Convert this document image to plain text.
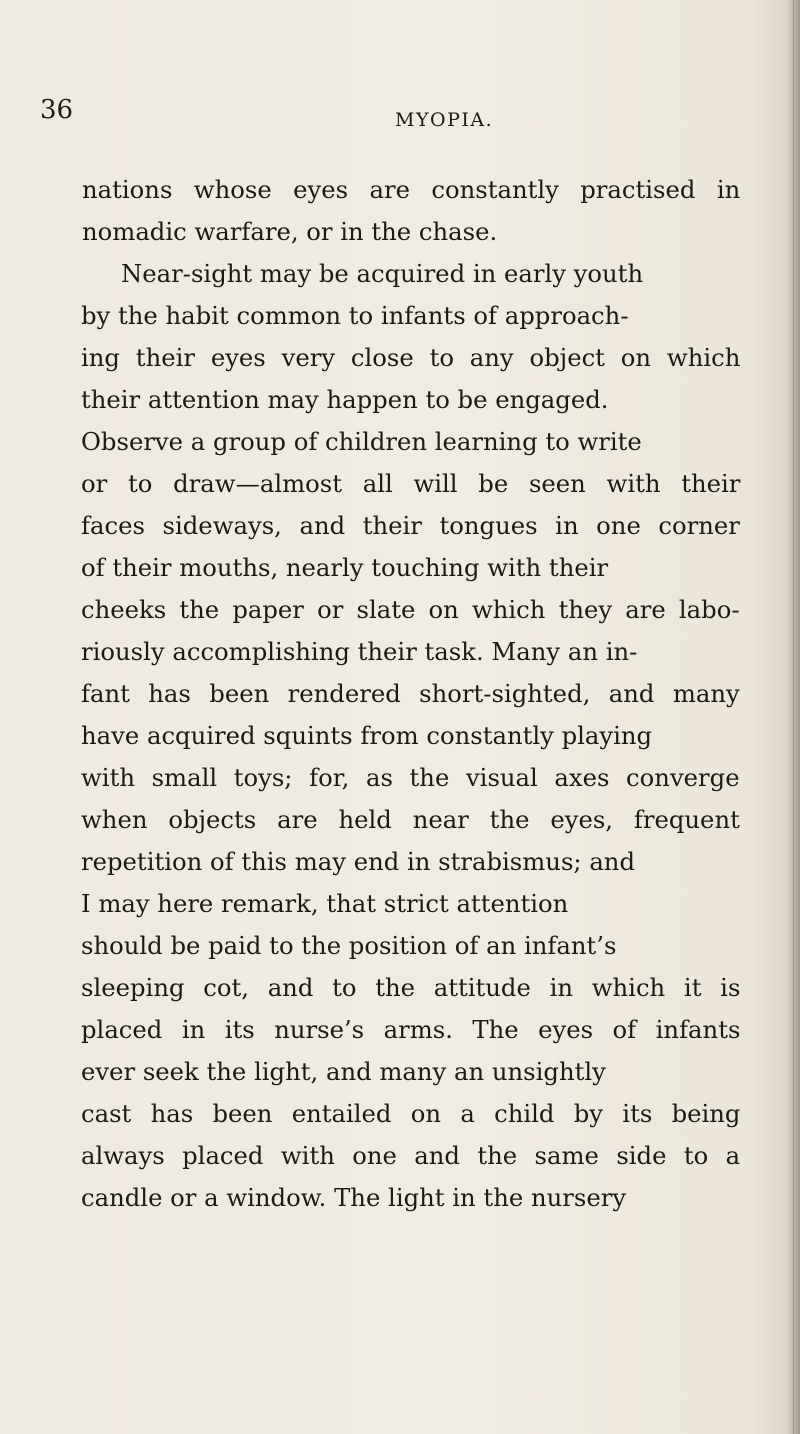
36	MYOPIA.
nations whose eyes are constantly practised in
nomadic warfare, or in the chase.
Near-sight may be acquired in early youth
by the habit common to infants of approach-
ing their eyes very close to any object on which
their attention may happen to be engaged.
Observe a group of children learning to write
or to draw—almost all will be seen with their
faces sideways, and their tongues in one corner
of their mouths, nearly touching with their
cheeks the paper or slate on which they are labo-
riously accomplishing their task. Many an in-
fant has been rendered short-sighted, and many
have acquired squints from constantly playing
with small toys; for, as the visual axes converge
when objects are held near the eyes, frequent
repetition of this may end in strabismus; and
I may here remark, that strict attention
should be paid to the position of an infant’s
sleeping cot, and to the attitude in which it is
placed in its nurse’s arms. The eyes of infants
ever seek the light, and many an unsightly
cast has been entailed on a child by its being
always placed with one and the same side to a
candle or a window. The light in the nursery
